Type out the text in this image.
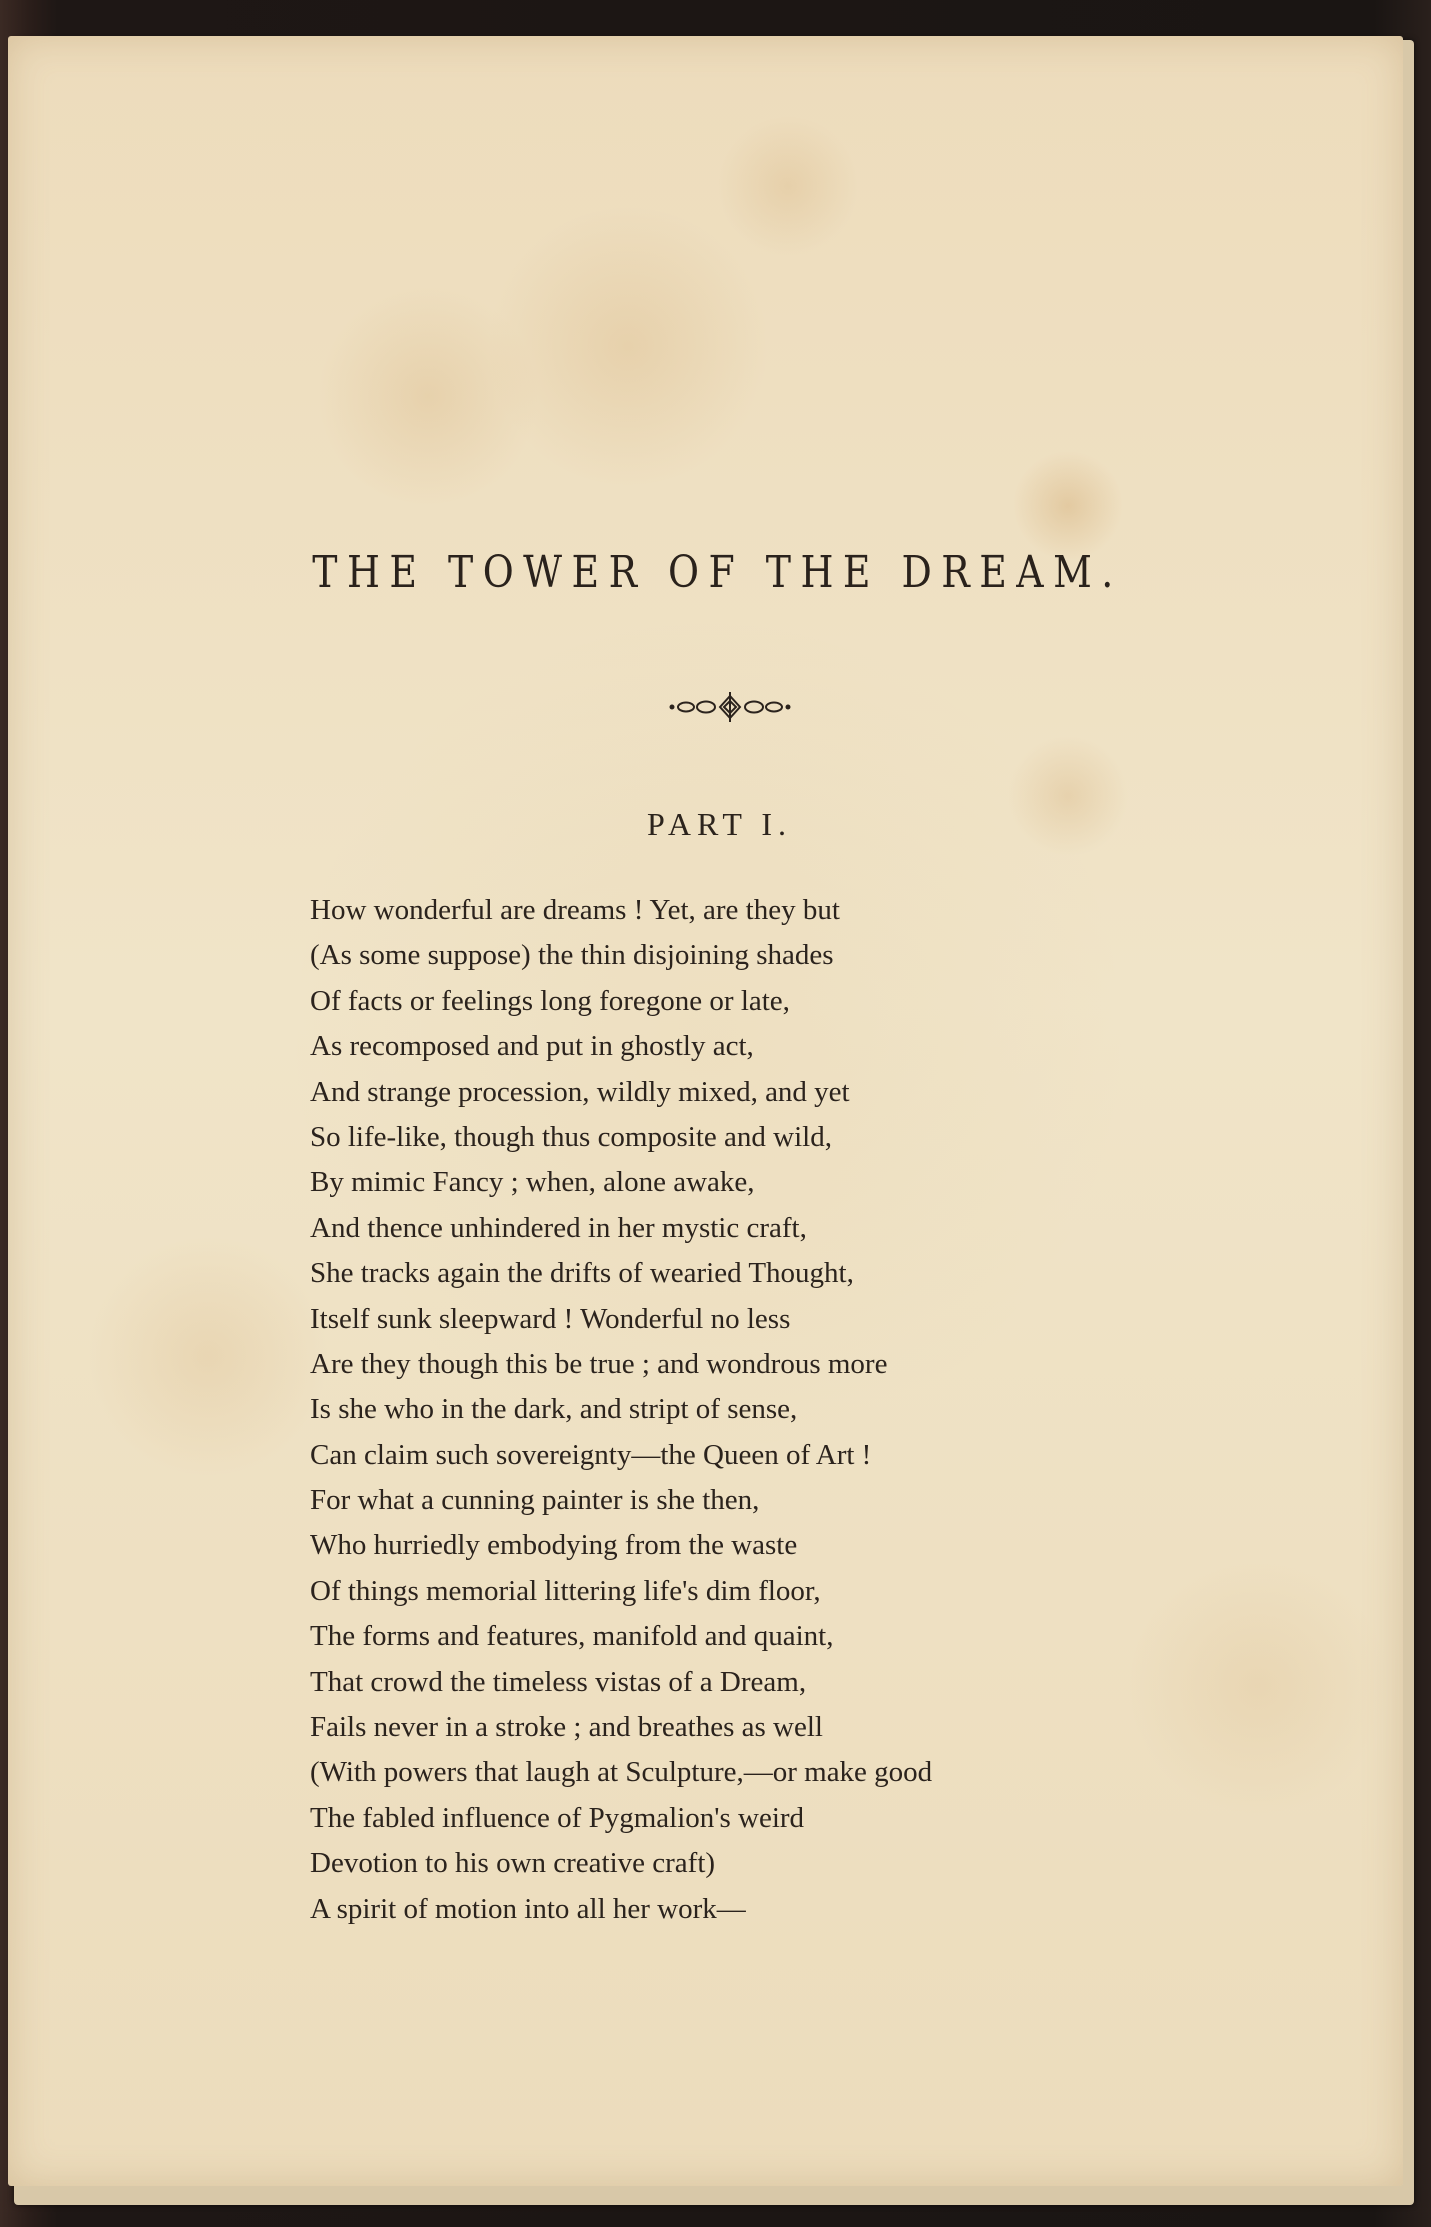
THE TOWER OF THE DREAM.
PART I.
How wonderful are dreams ! Yet, are they but
(As some suppose) the thin disjoining shades
Of facts or feelings long foregone or late,
As recomposed and put in ghostly act,
And strange procession, wildly mixed, and yet
So life-like, though thus composite and wild,
By mimic Fancy ; when, alone awake,
And thence unhindered in her mystic craft,
She tracks again the drifts of wearied Thought,
Itself sunk sleepward ! Wonderful no less
Are they though this be true ; and wondrous more
Is she who in the dark, and stript of sense,
Can claim such sovereignty—the Queen of Art !
For what a cunning painter is she then,
Who hurriedly embodying from the waste
Of things memorial littering life's dim floor,
The forms and features, manifold and quaint,
That crowd the timeless vistas of a Dream,
Fails never in a stroke ; and breathes as well
(With powers that laugh at Sculpture,—or make good
The fabled influence of Pygmalion's weird
Devotion to his own creative craft)
A spirit of motion into all her work—
